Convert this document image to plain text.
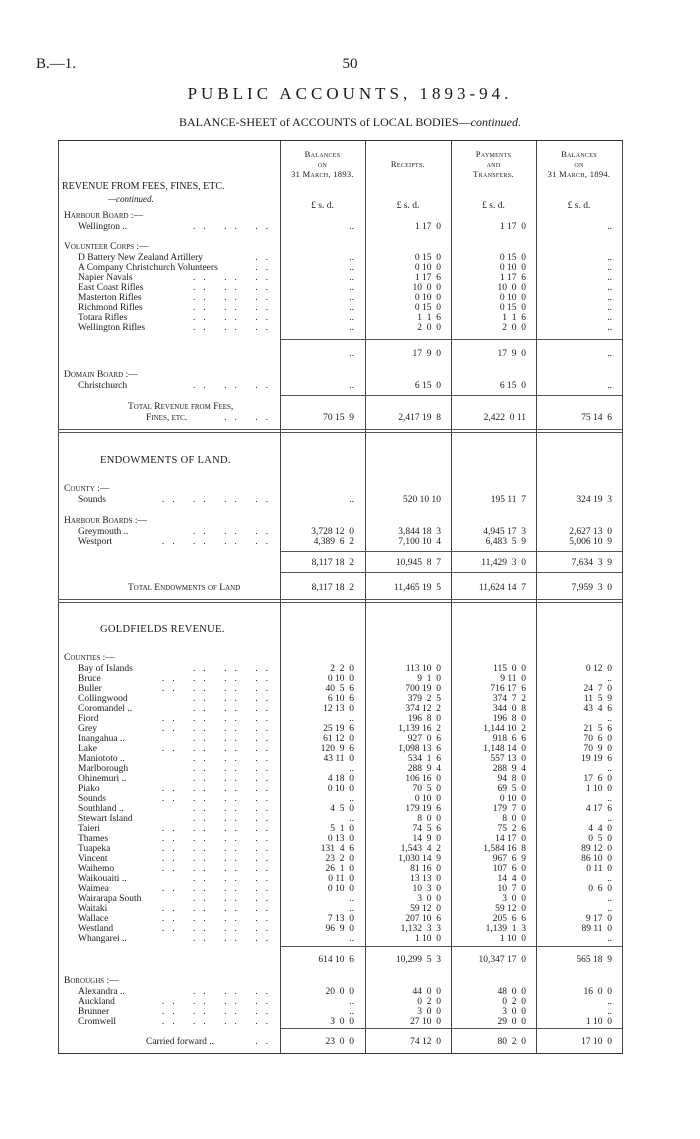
B.—1.	50
PUBLIC ACCOUNTS, 1893-94.
BALANCE-SHEET of ACCOUNTS of LOCAL BODIES—continued.
REVENUE FROM FEES, FINES, ETC.
—continued.
Balances
on
31 March, 1893.
Receipts.
Payments
and
Transfers.
Balances
on
31 March, 1894.
£ s. d.	£ s. d.	£ s. d.	£ s. d.
ENDOWMENTS OF LAND.
GOLDFIELDS REVENUE.
Harbour Board :—
Wellington ..	.. .. ..	..	1 17  0	1 17  0	..
Volunteer Corps :—
D Battery New Zealand Artillery	..	..	0 15  0	0 15  0	..
A Company Christchurch Volunteers	..	..	0 10  0	0 10  0	..
Napier Navals	.. .. ..	..	1 17  6	1 17  6	..
East Coast Rifles	.. .. ..	..	10  0  0	10  0  0	..
Masterton Rifles	.. .. ..	..	0 10  0	0 10  0	..
Richmond Rifles	.. .. ..	..	0 15  0	0 15  0	..
Totara Rifles	.. .. ..	..	1  1  6	1  1  6	..
Wellington Rifles	.. .. ..	..	2  0  0	2  0  0	..
..	17  9  0	17  9  0	..
Domain Board :—
Christchurch	.. .. ..	..	6 15  0	6 15  0	..
Total Revenue from Fees,
Fines, etc.	.. ..	70 15  9	2,417 19  8	2,422  0 11	75 14  6
County :—
Sounds	.. .. .. ..	..	520 10 10	195 11  7	324 19  3
Harbour Boards :—
Greymouth ..	.. .. ..	3,728 12  0	3,844 18  3	4,945 17  3	2,627 13  0
Westport	.. .. .. ..	4,389  6  2	7,100 10  4	6,483  5  9	5,006 10  9
8,117 18  2	10,945  8  7	11,429  3  0	7,634  3  9
Total Endowments of Land	8,117 18  2	11,465 19  5	11,624 14  7	7,959  3  0
Counties :—
Bay of Islands	.. .. ..	2  2  0	113 10  0	115  0  0	0 12  0
Bruce	.. .. .. ..	0 10  0	9  1  0	9 11  0	..
Buller	.. .. .. ..	40  5  6	700 19  0	716 17  6	24  7  0
Collingwood	.. .. ..	6 10  6	379  2  5	374  7  2	11  5  9
Coromandel ..	.. .. ..	12 13  0	374 12  2	344  0  8	43  4  6
Fiord	.. .. .. ..	..	196  8  0	196  8  0	..
Grey	.. .. .. ..	25 19  6	1,139 16  2	1,144 10  2	21  5  6
Inangahua ..	.. .. ..	61 12  0	927  0  6	918  6  6	70  6  0
Lake	.. .. .. ..	120  9  6	1,098 13  6	1,148 14  0	70  9  0
Maniototo ..	.. .. ..	43 11  0	534  1  6	557 13  0	19 19  6
Marlborough	.. .. ..	..	288  9  4	288  9  4	..
Ohinemuri ..	.. .. ..	4 18  0	106 16  0	94  8  0	17  6  0
Piako	.. .. .. ..	0 10  0	70  5  0	69  5  0	1 10  0
Sounds	.. .. .. ..	..	0 10  0	0 10  0	..
Southland ..	.. .. ..	4  5  0	179 19  6	179  7  0	4 17  6
Stewart Island	.. .. ..	..	8  0  0	8  0  0	..
Taieri	.. .. .. ..	5  1  0	74  5  6	75  2  6	4  4  0
Thames	.. .. .. ..	0 13  0	14  9  0	14 17  0	0  5  0
Tuapeka	.. .. .. ..	131  4  6	1,543  4  2	1,584 16  8	89 12  0
Vincent	.. .. .. ..	23  2  0	1,030 14  9	967  6  9	86 10  0
Waihemo	.. .. .. ..	26  1  0	81 16  0	107  6  0	0 11  0
Waikouaiti ..	.. .. ..	0 11  0	13 13  0	14  4  0	..
Waimea	.. .. .. ..	0 10  0	10  3  0	10  7  0	0  6  0
Wairarapa South	.. .. ..	..	3  0  0	3  0  0	..
Waitaki	.. .. .. ..	..	59 12  0	59 12  0	..
Wallace	.. .. .. ..	7 13  0	207 10  6	205  6  6	9 17  0
Westland	.. .. .. ..	96  9  0	1,132  3  3	1,139  1  3	89 11  0
Whangarei ..	.. .. ..	..	1 10  0	1 10  0	..
614 10  6	10,299  5  3	10,347 17  0	565 18  9
Boroughs :—
Alexandra ..	.. .. ..	20  0  0	44  0  0	48  0  0	16  0  0
Auckland	.. .. .. ..	..	0  2  0	0  2  0	..
Brunner	.. .. .. ..	..	3  0  0	3  0  0	..
Cromwell	.. .. .. ..	3  0  0	27 10  0	29  0  0	1 10  0
Carried forward ..	..	23  0  0	74 12  0	80  2  0	17 10  0
